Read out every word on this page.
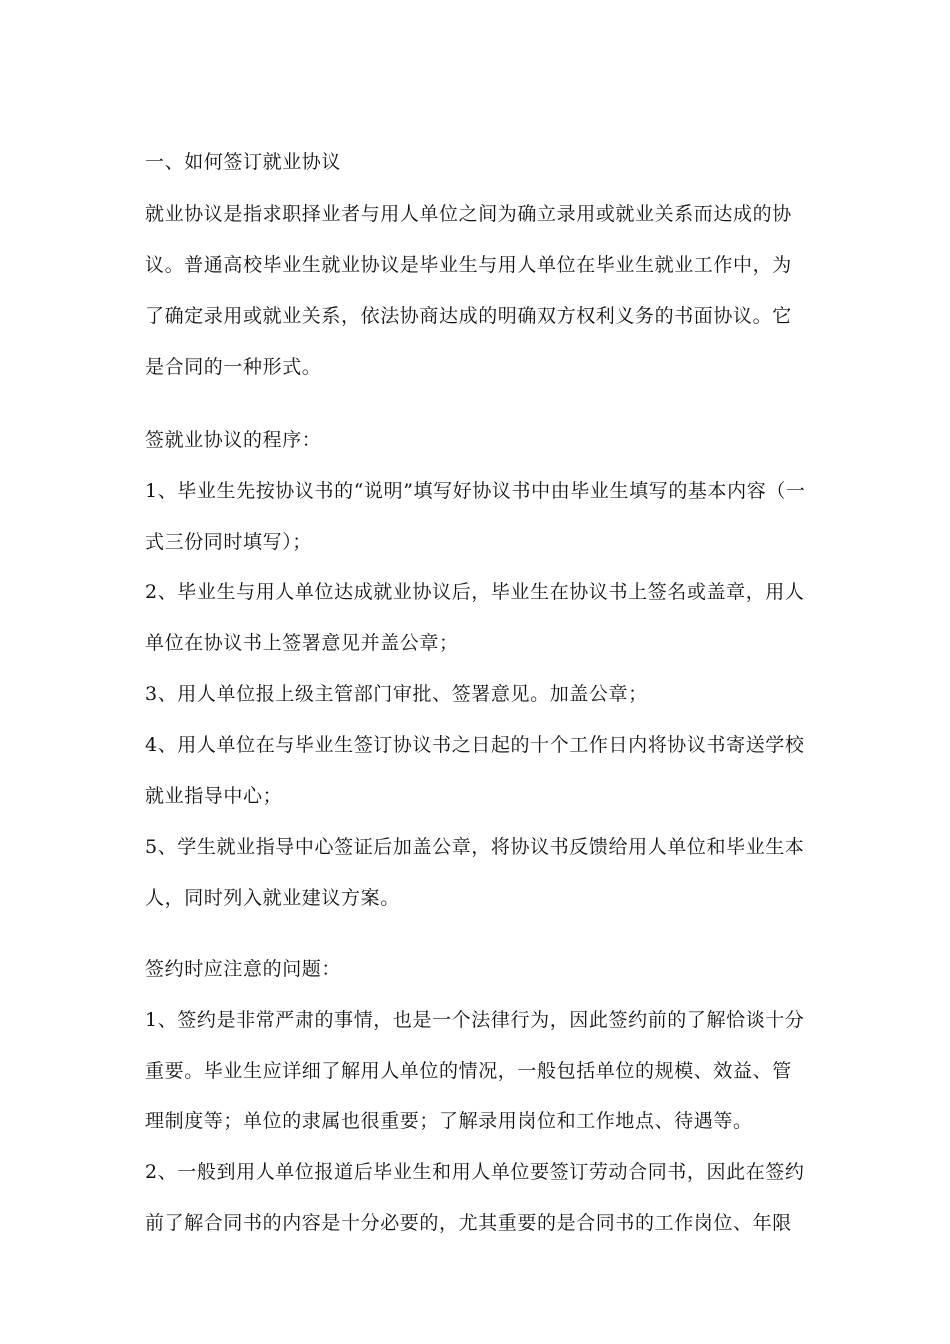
一、如何签订就业协议
就业协议是指求职择业者与用人单位之间为确立录用或就业关系而达成的协
议。普通高校毕业生就业协议是毕业生与用人单位在毕业生就业工作中，为
了确定录用或就业关系，依法协商达成的明确双方权利义务的书面协议。它
是合同的一种形式。
签就业协议的程序：
1、毕业生先按协议书的“说明”填写好协议书中由毕业生填写的基本内容（一
式三份同时填写）；
2、毕业生与用人单位达成就业协议后，毕业生在协议书上签名或盖章，用人
单位在协议书上签署意见并盖公章；
3、用人单位报上级主管部门审批、签署意见。加盖公章；
4、用人单位在与毕业生签订协议书之日起的十个工作日内将协议书寄送学校
就业指导中心；
5、学生就业指导中心签证后加盖公章，将协议书反馈给用人单位和毕业生本
人，同时列入就业建议方案。
签约时应注意的问题：
1、签约是非常严肃的事情，也是一个法律行为，因此签约前的了解恰谈十分
重要。毕业生应详细了解用人单位的情况，一般包括单位的规模、效益、管
理制度等；单位的隶属也很重要；了解录用岗位和工作地点、待遇等。
2、一般到用人单位报道后毕业生和用人单位要签订劳动合同书，因此在签约
前了解合同书的内容是十分必要的，尤其重要的是合同书的工作岗位、年限
